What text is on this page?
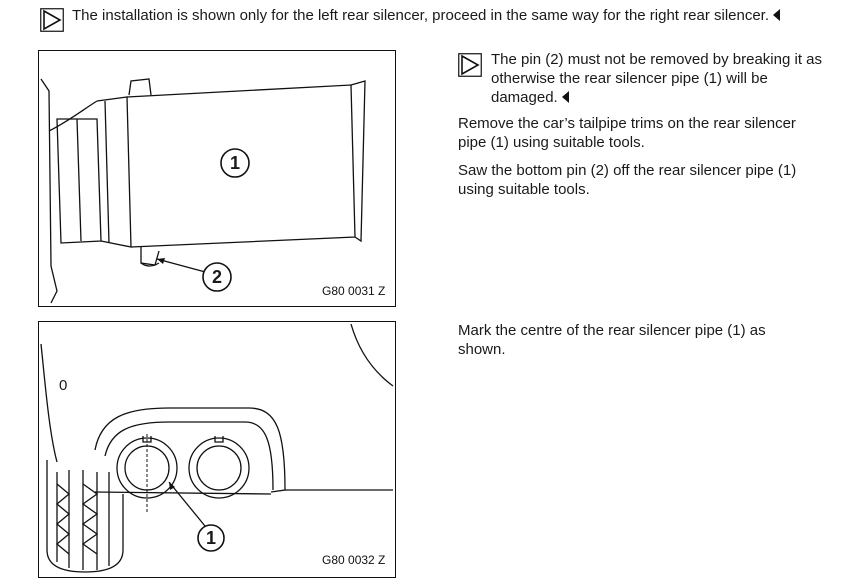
The installation is shown only for the left rear silencer, proceed in the same way for the right rear silencer.
1
2
G80 0031 Z
0
1
G80 0032 Z
The pin (2) must not be removed by breaking it as otherwise the rear silencer pipe (1) will be damaged.
Remove the car’s tailpipe trims on the rear silencer pipe (1) using suitable tools.
Saw the bottom pin (2) off the rear silencer pipe (1) using suitable tools.
Mark the centre of the rear silencer pipe (1) as shown.
